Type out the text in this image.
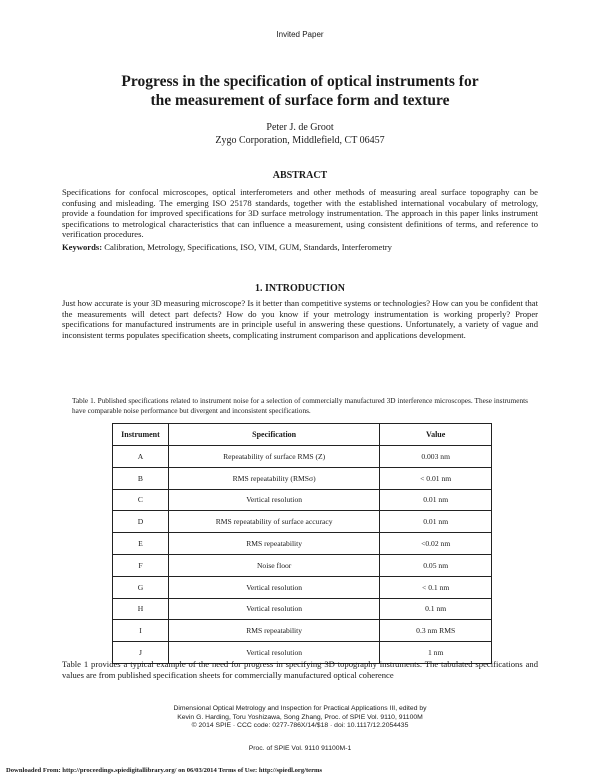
Invited Paper
Progress in the specification of optical instruments for
the measurement of surface form and texture
Peter J. de Groot
Zygo Corporation, Middlefield, CT 06457
ABSTRACT
Specifications for confocal microscopes, optical interferometers and other methods of measuring areal surface topography can be confusing and misleading. The emerging ISO 25178 standards, together with the established international vocabulary of metrology, provide a foundation for improved specifications for 3D surface metrology instrumentation. The approach in this paper links instrument specifications to metrological characteristics that can influence a measurement, using consistent definitions of terms, and reference to verification procedures.
Keywords: Calibration, Metrology, Specifications, ISO, VIM, GUM, Standards, Interferometry
1. INTRODUCTION
Just how accurate is your 3D measuring microscope? Is it better than competitive systems or technologies? How can you be confident that the measurements will detect part defects? How do you know if your metrology instrumentation is working properly? Proper specifications for manufactured instruments are in principle useful in answering these questions. Unfortunately, a variety of vague and inconsistent terms populates specification sheets, complicating instrument comparison and applications development.
Table 1. Published specifications related to instrument noise for a selection of commercially manufactured 3D interference microscopes. These instruments have comparable noise performance but divergent and inconsistent specifications.
Instrument	Specification	Value
A	Repeatability of surface RMS (Z)	0.003 nm
B	RMS repeatability (RMSσ)	< 0.01 nm
C	Vertical resolution	0.01 nm
D	RMS repeatability of surface accuracy	0.01 nm
E	RMS repeatability	<0.02 nm
F	Noise floor	0.05 nm
G	Vertical resolution	< 0.1 nm
H	Vertical resolution	0.1 nm
I	RMS repeatability	0.3 nm RMS
J	Vertical resolution	1 nm
Table 1 provides a typical example of the need for progress in specifying 3D topography instruments. The tabulated specifications and values are from published specification sheets for commercially manufactured optical coherence
Dimensional Optical Metrology and Inspection for Practical Applications III, edited by
Kevin G. Harding, Toru Yoshizawa, Song Zhang, Proc. of SPIE Vol. 9110, 91100M
© 2014 SPIE · CCC code: 0277-786X/14/$18 · doi: 10.1117/12.2054435
Proc. of SPIE Vol. 9110 91100M-1
Downloaded From: http://proceedings.spiedigitallibrary.org/ on 06/03/2014 Terms of Use: http://spiedl.org/terms
